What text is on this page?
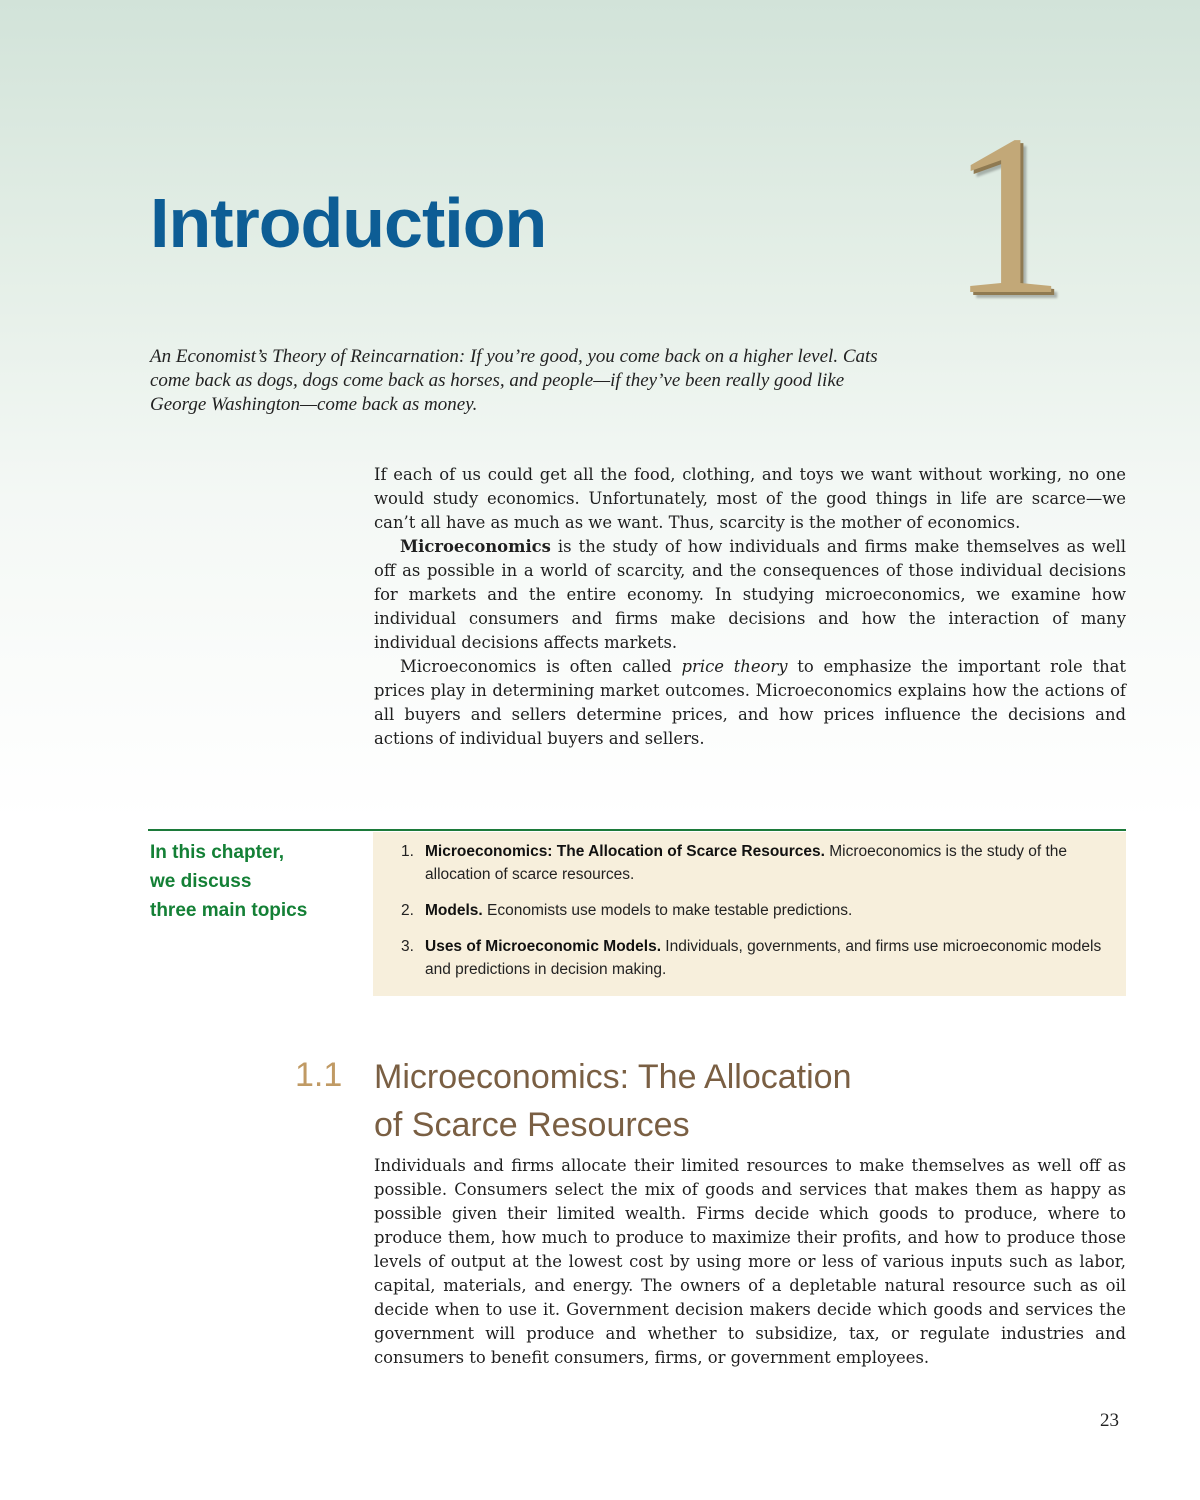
Introduction 1

An Economist’s Theory of Reincarnation: If you’re good, you come back on a higher level. Cats come back as dogs, dogs come back as horses, and people—if they’ve been really good like George Washington—come back as money.

If each of us could get all the food, clothing, and toys we want without working, no one would study economics. Unfortunately, most of the good things in life are scarce—we can’t all have as much as we want. Thus, scarcity is the mother of economics.

Microeconomics is the study of how individuals and firms make themselves as well off as possible in a world of scarcity, and the consequences of those individual decisions for markets and the entire economy. In studying microeconomics, we examine how individual consumers and firms make decisions and how the interaction of many individual decisions affects markets.

Microeconomics is often called price theory to emphasize the important role that prices play in determining market outcomes. Microeconomics explains how the actions of all buyers and sellers determine prices, and how prices influence the decisions and actions of individual buyers and sellers.

In this chapter,
we discuss
three main topics
1. Microeconomics: The Allocation of Scarce Resources. Microeconomics is the study of the allocation of scarce resources.
2. Models. Economists use models to make testable predictions.
3. Uses of Microeconomic Models. Individuals, governments, and firms use microeconomic models and predictions in decision making.
1.1 Microeconomics: The Allocation
of Scarce Resources

Individuals and firms allocate their limited resources to make themselves as well off as possible. Consumers select the mix of goods and services that makes them as happy as possible given their limited wealth. Firms decide which goods to produce, where to produce them, how much to produce to maximize their profits, and how to produce those levels of output at the lowest cost by using more or less of various inputs such as labor, capital, materials, and energy. The owners of a depletable natural resource such as oil decide when to use it. Government decision makers decide which goods and services the government will produce and whether to subsidize, tax, or regulate industries and consumers to benefit consumers, firms, or government employees.

23
